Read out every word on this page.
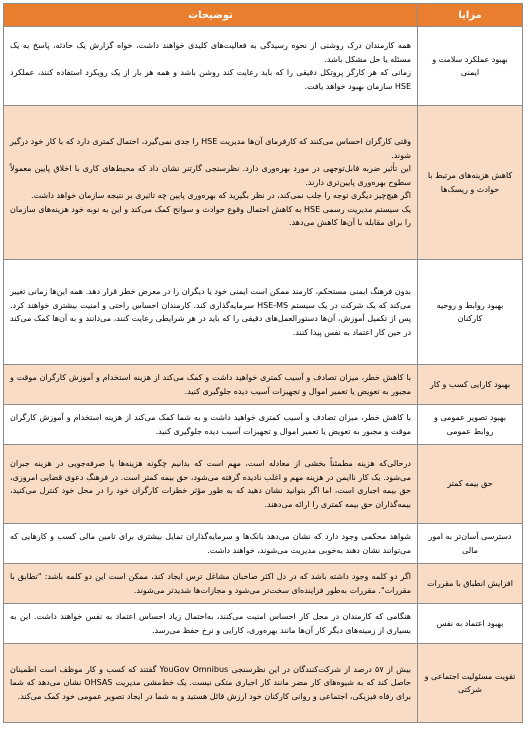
مزایا	توضیحات
بهبود عملکرد سلامت و ایمنی	همه کارمندان درک روشنی از نحوه رسیدگی به فعالیت‌های کلیدی خواهند داشت، خواه گزارش یک حادثه، پاسخ به یک مسئله یا حل مشکل باشد.

زمانی که هر کارگر پروتکل دقیقی را که باید رعایت کند روشن باشد و همه هر بار از یک رویکرد استفاده کنند، عملکرد HSE سازمان بهبود خواهد یافت.

کاهش هزینه‌های مرتبط با حوادث و ریسک‌ها	وقتی کارگران احساس می‌کنند که کارفرمای آن‌ها مدیریت HSE را جدی نمی‌گیرد، احتمال کمتری دارد که با کار خود درگیر شوند.

این تأثیر ضربه قابل‌توجهی در مورد بهره‌وری دارد. نظرسنجی گارتنر نشان داد که محیط‌های کاری با اخلاق پایین معمولاً سطوح بهره‌وری پایین‌تری دارند.

اگر هیچ‌چیز دیگری توجه را جلب نمی‌کند، در نظر بگیرید که بهره‌وری پایین چه تاثیری بر نتیجه سازمان خواهد داشت.

یک سیستم مدیریت رسمی HSE به کاهش احتمال وقوع حوادث و سوانح کمک می‌کند و این به نوبه خود هزینه‌های سازمان را برای مقابله با آن‌ها کاهش می‌دهد.

بهبود روابط و روحیه کارکنان	بدون فرهنگ ایمنی مستحکم، کارمند ممکن است ایمنی خود یا دیگران را در معرض خطر قرار دهد. همه این‌ها زمانی تغییر می‌کند که یک شرکت در یک سیستم HSE-MS سرمایه‌گذاری کند. کارمندان احساس راحتی و امنیت بیشتری خواهند کرد. پس از تکمیل آموزش، آن‌ها دستورالعمل‌های دقیقی را که باید در هر شرایطی رعایت کنند، می‌دانند و به آن‌ها کمک می‌کند در حین کار اعتماد به نفس پیدا کنند.

بهبود کارایی کسب و کار	با کاهش خطر، میزان تصادف و آسیب کمتری خواهید داشت و کمک می‌کند از هزینه استخدام و آموزش کارگران موقت و مجبور به تعویض یا تعمیر اموال و تجهیزات آسیب دیده جلوگیری کنید.

بهبود تصویر عمومی و روابط عمومی	با کاهش خطر، میزان تصادف و آسیب کمتری خواهید داشت و به شما کمک می‌کند از هزینه استخدام و آموزش کارگران موقت و مجبور به تعویض یا تعمیر اموال و تجهیزات آسیب دیده جلوگیری کنید.

حق بیمه کمتر	درحالی‌که هزینه مطمئناً بخشی از معادله است، مهم است که بدانیم چگونه هزینه‌ها یا صرفه‌جویی در هزینه جبران می‌شود. یک کار ناایمن در هزینه مهم و اغلب نادیده گرفته می‌شود، حق بیمه کمتر است. در فرهنگ دعوی قضایی امروزی، حق بیمه اجباری است، اما اگر بتوانید نشان دهید که به طور مؤثر خطرات کارگران خود را در محل خود کنترل می‌کنید، بیمه‌گذاران حق بیمه کمتری را ارائه می‌دهند.

دسترسی آسان‌تر به امور مالی	شواهد محکمی وجود دارد که نشان می‌دهد بانک‌ها و سرمایه‌گذاران تمایل بیشتری برای تامین مالی کسب و کارهایی که می‌توانند نشان دهند به‌خوبی مدیریت می‌شوند، خواهند داشت.

افزایش انطباق با مقررات	اگر دو کلمه وجود داشته باشد که در دل اکثر صاحبان مشاغل ترس ایجاد کند، ممکن است این دو کلمه باشد: "تطابق با مقررات". مقررات به‌طور فزاینده‌ای سخت‌تر می‌شود و مجازات‌ها شدیدتر می‌شوند.

بهبود اعتماد به نفس	هنگامی که کارمندان در محل کار احساس امنیت می‌کنند، به‌احتمال زیاد احساس اعتماد به نفس خواهند داشت. این به بسیاری از زمینه‌های دیگر کار آن‌ها مانند بهره‌وری، کارایی و نرخ حفظ می‌رسد.

تقویت مسئولیت اجتماعی و شرکتی	بیش از ۵۷ درصد از شرکت‌کنندگان در این نظرسنجی YouGov Omnibus گفتند که کسب و کار موظف است اطمینان حاصل کند که به شیوه‌های کار مضر مانند کار اجباری متکی نیست. یک خط‌مشی مدیریت OHSAS نشان می‌دهد که شما برای رفاه فیزیکی، اجتماعی و روانی کارکنان خود ارزش قائل هستید و به شما در ایجاد تصویر عمومی خود کمک می‌کند.
